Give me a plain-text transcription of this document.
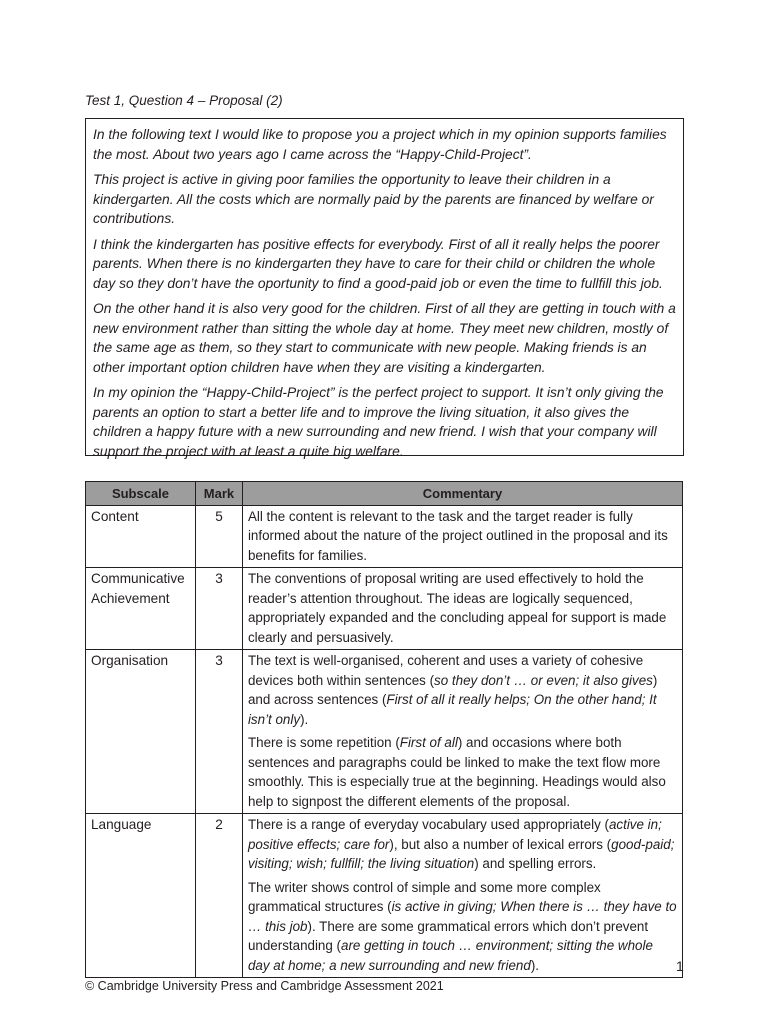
Test 1, Question 4 – Proposal (2)

In the following text I would like to propose you a project which in my opinion supports families the most. About two years ago I came across the “Happy-Child-Project”.

This project is active in giving poor families the opportunity to leave their children in a kindergarten. All the costs which are normally paid by the parents are financed by welfare or contributions.

I think the kindergarten has positive effects for everybody. First of all it really helps the poorer parents. When there is no kindergarten they have to care for their child or children the whole day so they don’t have the oportunity to find a good-paid job or even the time to fullfill this job.

On the other hand it is also very good for the children. First of all they are getting in touch with a new environment rather than sitting the whole day at home. They meet new children, mostly of the same age as them, so they start to communicate with new people. Making friends is an other important option children have when they are visiting a kindergarten.

In my opinion the “Happy-Child-Project” is the perfect project to support. It isn’t only giving the parents an option to start a better life and to improve the living situation, it also gives the children a happy future with a new surrounding and new friend. I wish that your company will support the project with at least a quite big welfare.

Subscale	Mark	Commentary
Content	5	All the content is relevant to the task and the target reader is fully informed about the nature of the project outlined in the proposal and its benefits for families.

Communicative Achievement	3	The conventions of proposal writing are used effectively to hold the reader’s attention throughout. The ideas are logically sequenced, appropriately expanded and the concluding appeal for support is made clearly and persuasively.

Organisation	3	The text is well-organised, coherent and uses a variety of cohesive devices both within sentences (so they don’t … or even; it also gives) and across sentences (First of all it really helps; On the other hand; It isn’t only).

There is some repetition (First of all) and occasions where both sentences and paragraphs could be linked to make the text flow more smoothly. This is especially true at the beginning. Headings would also help to signpost the different elements of the proposal.

Language	2	There is a range of everyday vocabulary used appropriately (active in; positive effects; care for), but also a number of lexical errors (good-paid; visiting; wish; fullfill; the living situation) and spelling errors.

The writer shows control of simple and some more complex grammatical structures (is active in giving; When there is … they have to … this job). There are some grammatical errors which don’t prevent understanding (are getting in touch … environment; sitting the whole day at home; a new surrounding and new friend).	1
© Cambridge University Press and Cambridge Assessment 2021
